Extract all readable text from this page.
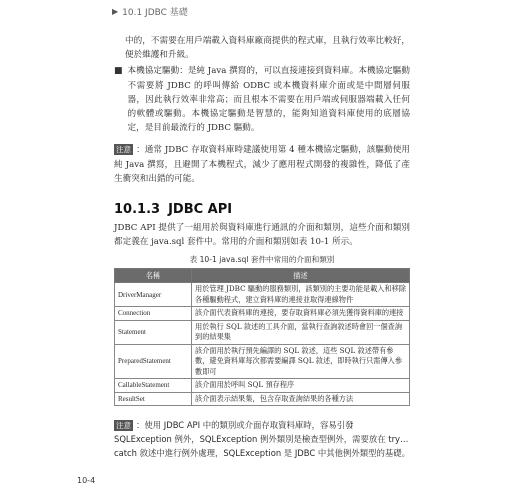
▶ 10.1 JDBC 基礎

中的，不需要在用戶端載入資料庫廠商提供的程式庫，且執行效率比較好，便於維護和升級。

■ 本機協定驅動：是純 Java 撰寫的，可以直接連接到資料庫。本機協定驅動不需要將 JDBC 的呼叫傳給 ODBC 或本機資料庫介面或是中間層伺服器，因此執行效率非常高；而且根本不需要在用戶端或伺服器端載入任何的軟體或驅動。本機協定驅動是智慧的，能夠知道資料庫使用的底層協定，是目前最流行的 JDBC 驅動。

注意 ：通常 JDBC 存取資料庫時建議使用第 4 種本機協定驅動，該驅動使用純 Java 撰寫，且避開了本機程式，減少了應用程式開發的複雜性，降低了產生衝突和出錯的可能。

10.1.3 JDBC API

JDBC API 提供了一組用於與資料庫進行通訊的介面和類別，這些介面和類別都定義在 java.sql 套件中。常用的介面和類別如表 10-1 所示。

表 10-1 java.sql 套件中常用的介面和類別
名稱	描述
DriverManager	用於管理 JDBC 驅動的服務類別，該類別的主要功能是載入和移除各種驅動程式，建立資料庫的連接並取得連線物件
Connection	該介面代表資料庫的連接，要存取資料庫必須先獲得資料庫的連接
Statement	用於執行 SQL 敘述的工具介面，當執行查詢敘述時會回一個查詢到的結果集
PreparedStatement	該介面用於執行預先編譯的 SQL 敘述，這些 SQL 敘述帶有參數，避免資料庫每次都需要編譯 SQL 敘述，即時執行只需傳入參數即可
CallableStatement	該介面用於呼叫 SQL 預存程序
ResultSet	該介面表示結果集，包含存取查詢結果的各種方法

注意 ：使用 JDBC API 中的類別或介面存取資料庫時，容易引發 SQLException 例外，SQLException 例外類別是檢查型例外，需要放在 try…catch 敘述中進行例外處理，SQLException 是 JDBC 中其他例外類型的基礎。

10-4
